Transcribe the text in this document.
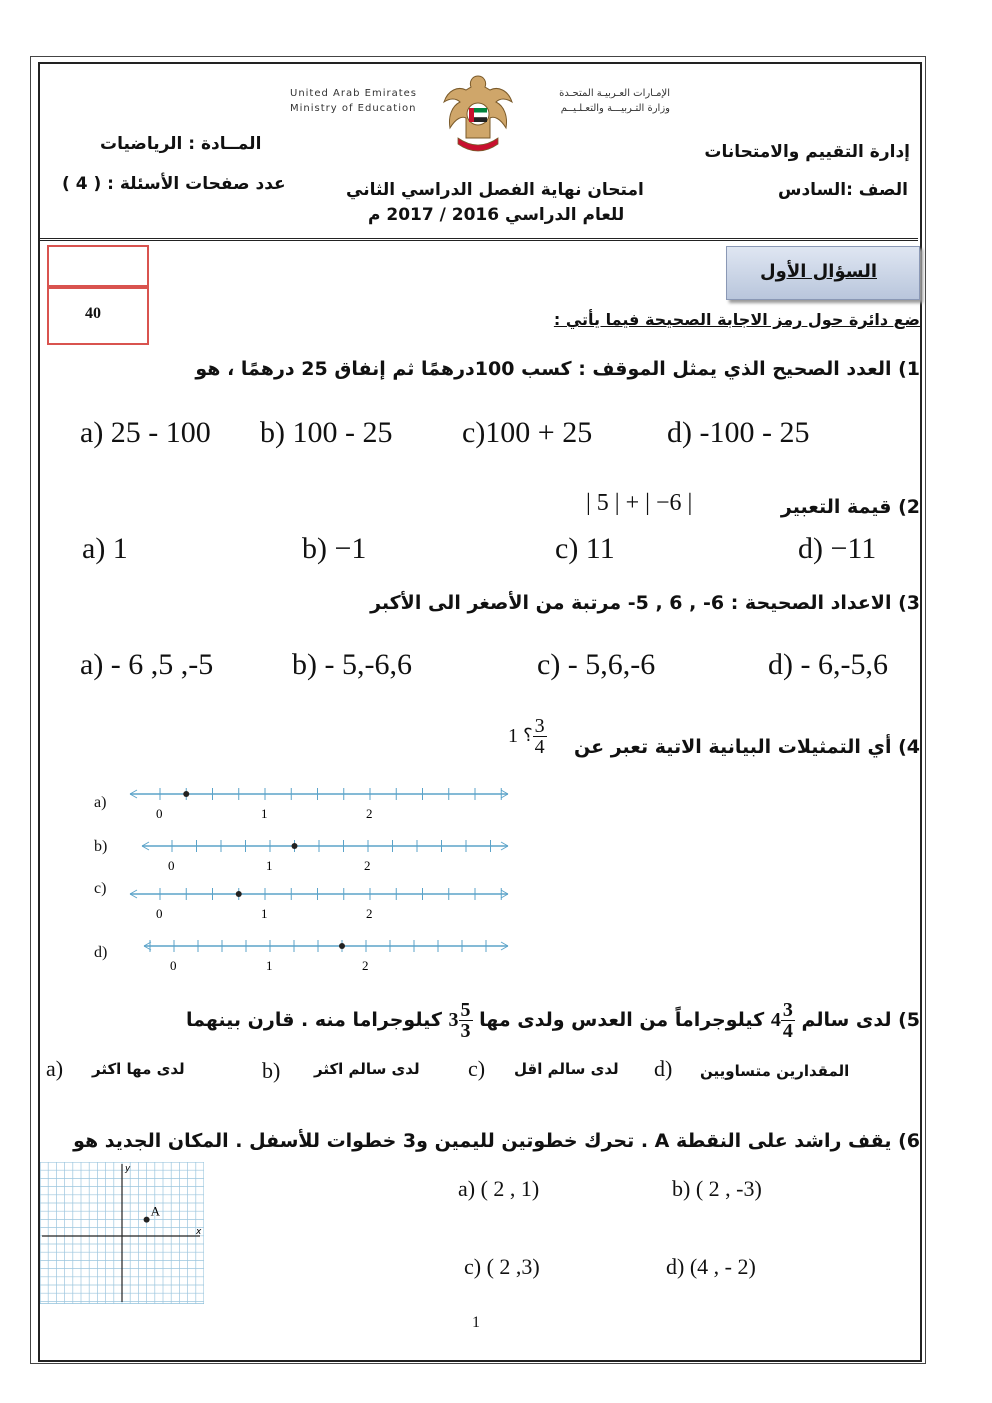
United Arab Emirates
Ministry of Education
الإمـارات العـربيـة المتحـدة
وزارة التـربيـــة والتعـلـيــم
إدارة التقييم والامتحانات
الصف :السادس
المــادة : الرياضيات
عدد صفحات الأسئلة : ( 4 )	امتحان نهاية الفصل الدراسي الثاني
للعام الدراسي 2016 / 2017 م
40
السؤال الأول
ضع دائرة حول رمز الاجابة الصحيحة فيما يأتي :
1) العدد الصحيح الذي يمثل الموقف : كسب 100درهمًا ثم إنفاق 25 درهمًا ، هو
a) 25 - 100 b) 100 - 25 c)100 + 25 d) -100 - 25
2) قيمة التعبير
| 5 | + | −6 |
a) 1	b) −1	c) 11	d) −11
3) الاعداد الصحيحة : 6- , 6 , 5- مرتبة من الأصغر الى الأكبر
a) - 6 ,5 ,-5	b) - 5,-6,6	c) - 5,6,-6	d) - 6,-5,6
4) أي التمثيلات البيانية الاتية تعبر عن
؟ $1 \frac{3}{4}$
a)
b)
c)
d)
0	1	2
0	1	2
0	1	2
0	1	2
5) لدى سالم $4 \frac{3}{4}$
كيلوجراماً من العدس ولدى مها $3 \frac{5}{3}$
كيلوجراما منه . قارن بينهما
a) لدى مها اكثر	b) لدى سالم اكثر c) لدى سالم اقل d) المقدارين متساويين
6) يقف راشد على النقطة A . تحرك خطوتين لليمين و3 خطوات للأسفل . المكان الجديد هو
a) ( 2 , 1)	b) ( 2 , -3)
c) ( 2 ,3)	d) (4 , - 2)
x
y
A
1
